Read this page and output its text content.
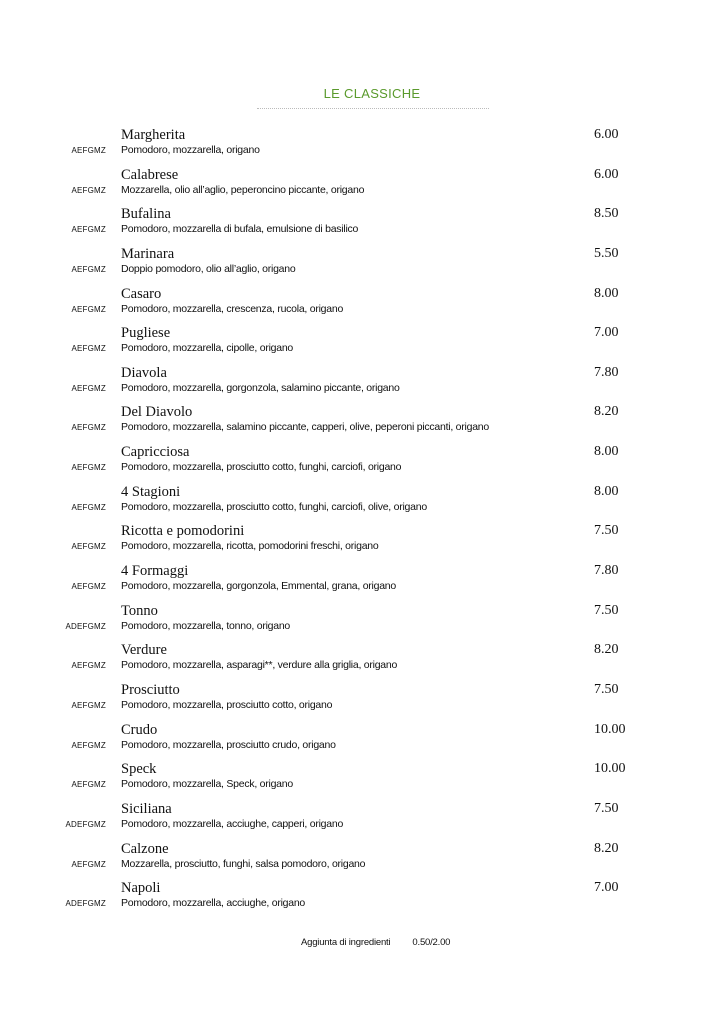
LE CLASSICHE
Margherita	6.00
AEFGMZ Pomodoro, mozzarella, origano
Calabrese	6.00
AEFGMZ Mozzarella, olio all’aglio, peperoncino piccante, origano
Bufalina	8.50
AEFGMZ Pomodoro, mozzarella di bufala, emulsione di basilico
Marinara	5.50
AEFGMZ Doppio pomodoro, olio all’aglio, origano
Casaro	8.00
AEFGMZ Pomodoro, mozzarella, crescenza, rucola, origano
Pugliese	7.00
AEFGMZ Pomodoro, mozzarella, cipolle, origano
Diavola	7.80
AEFGMZ Pomodoro, mozzarella, gorgonzola, salamino piccante, origano
Del Diavolo	8.20
AEFGMZ Pomodoro, mozzarella, salamino piccante, capperi, olive, peperoni piccanti, origano
Capricciosa	8.00
AEFGMZ Pomodoro, mozzarella, prosciutto cotto, funghi, carciofi, origano
4 Stagioni	8.00
AEFGMZ Pomodoro, mozzarella, prosciutto cotto, funghi, carciofi, olive, origano
Ricotta e pomodorini	7.50
AEFGMZ Pomodoro, mozzarella, ricotta, pomodorini freschi, origano
4 Formaggi	7.80
AEFGMZ Pomodoro, mozzarella, gorgonzola, Emmental, grana, origano
Tonno	7.50
ADEFGMZ Pomodoro, mozzarella, tonno, origano
Verdure	8.20
AEFGMZ Pomodoro, mozzarella, asparagi**, verdure alla griglia, origano
Prosciutto	7.50
AEFGMZ Pomodoro, mozzarella, prosciutto cotto, origano
Crudo	10.00
AEFGMZ Pomodoro, mozzarella, prosciutto crudo, origano
Speck	10.00
AEFGMZ Pomodoro, mozzarella, Speck, origano
Siciliana	7.50
ADEFGMZ Pomodoro, mozzarella, acciughe, capperi, origano
Calzone	8.20
AEFGMZ Mozzarella, prosciutto, funghi, salsa pomodoro, origano
Napoli	7.00
ADEFGMZ Pomodoro, mozzarella, acciughe, origano
Aggiunta di ingredienti 0.50/2.00
